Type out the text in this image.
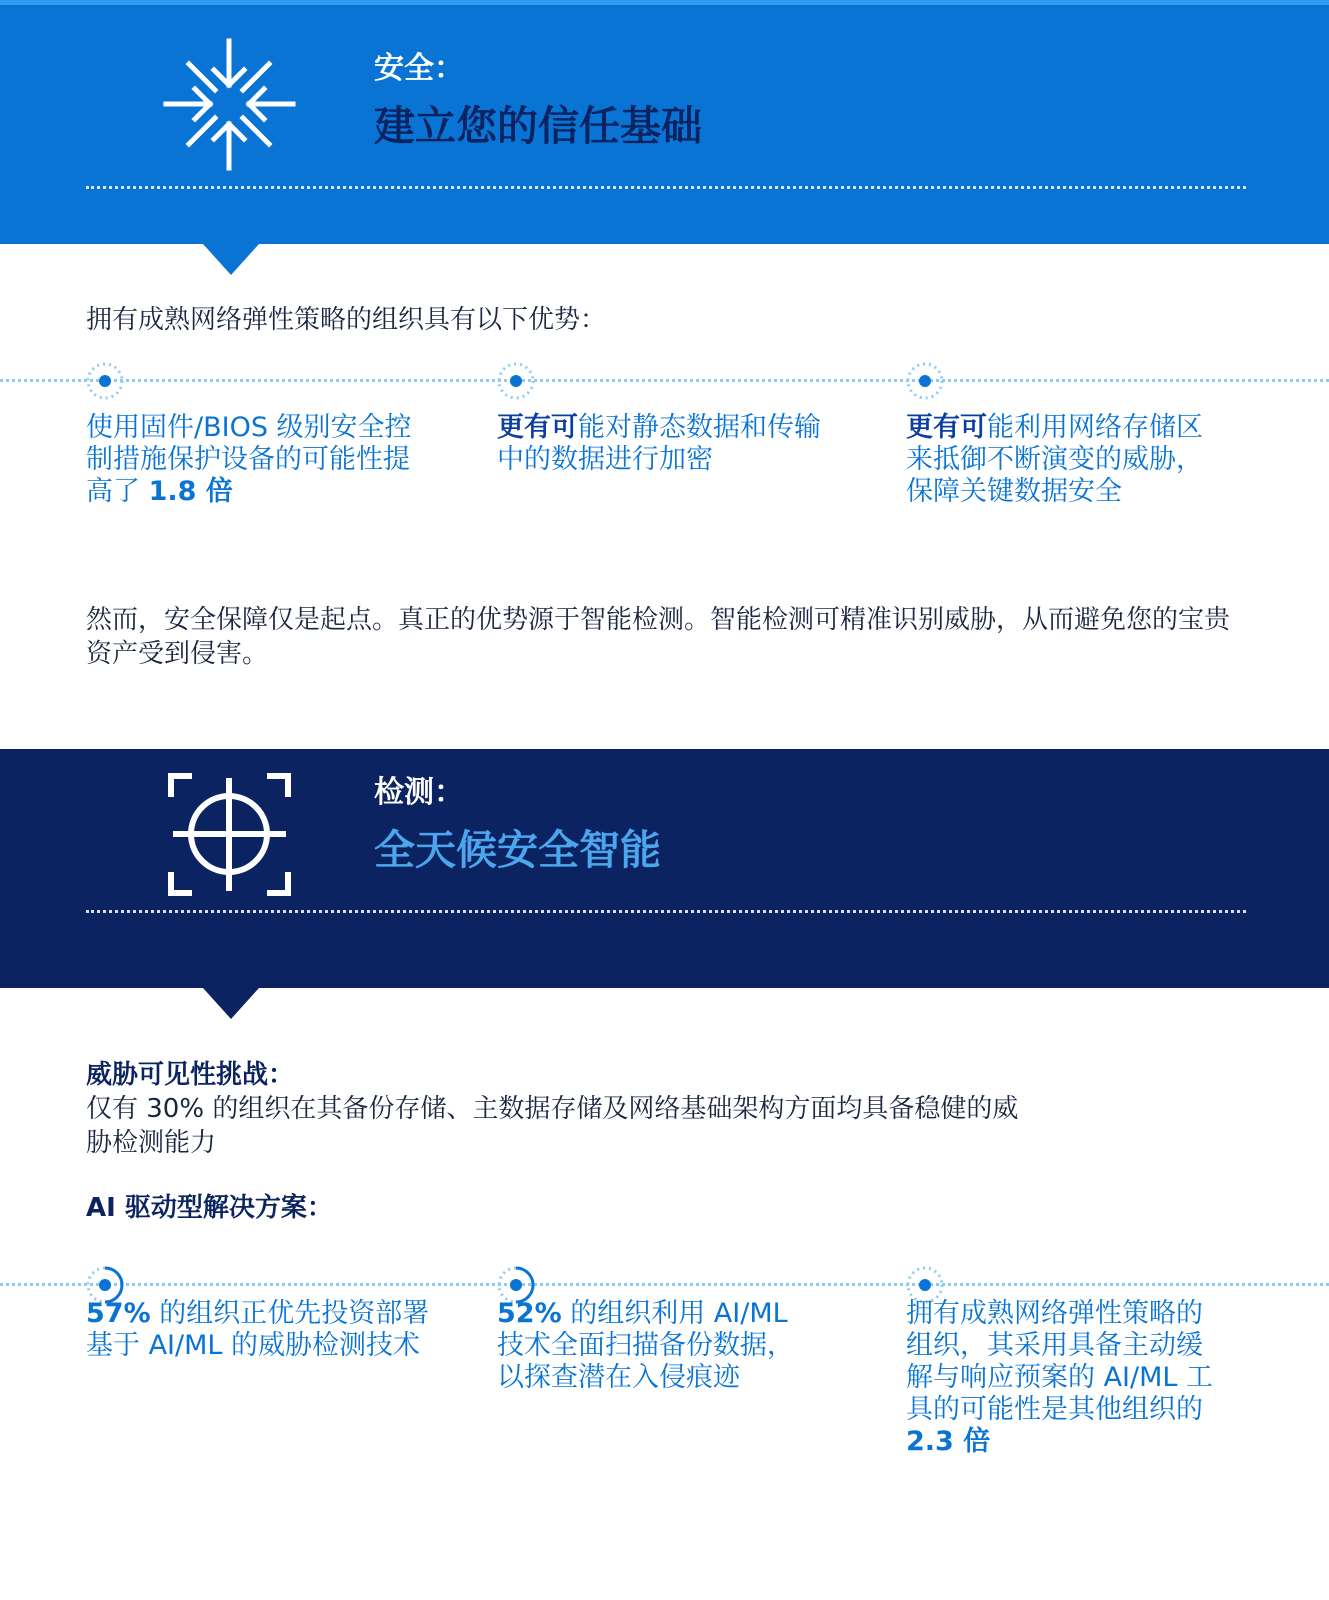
安全：
建立您的信任基础
拥有成熟网络弹性策略的组织具有以下优势：
使用固件/BIOS 级别安全控制措施保护设备的可能性提高了 1.8 倍
更有可能对静态数据和传输中的数据进行加密
更有可能利用网络存储区来抵御不断演变的威胁，保障关键数据安全
然而，安全保障仅是起点。真正的优势源于智能检测。智能检测可精准识别威胁，从而避免您的宝贵资产受到侵害。
检测：
全天候安全智能
威胁可见性挑战：
仅有 30% 的组织在其备份存储、主数据存储及网络基础架构方面均具备稳健的威胁检测能力
AI 驱动型解决方案：
57% 的组织正优先投资部署基于 AI/ML 的威胁检测技术
52% 的组织利用 AI/ML 技术全面扫描备份数据，以探查潜在入侵痕迹
拥有成熟网络弹性策略的组织，其采用具备主动缓解与响应预案的 AI/ML 工具的可能性是其他组织的 2.3 倍
